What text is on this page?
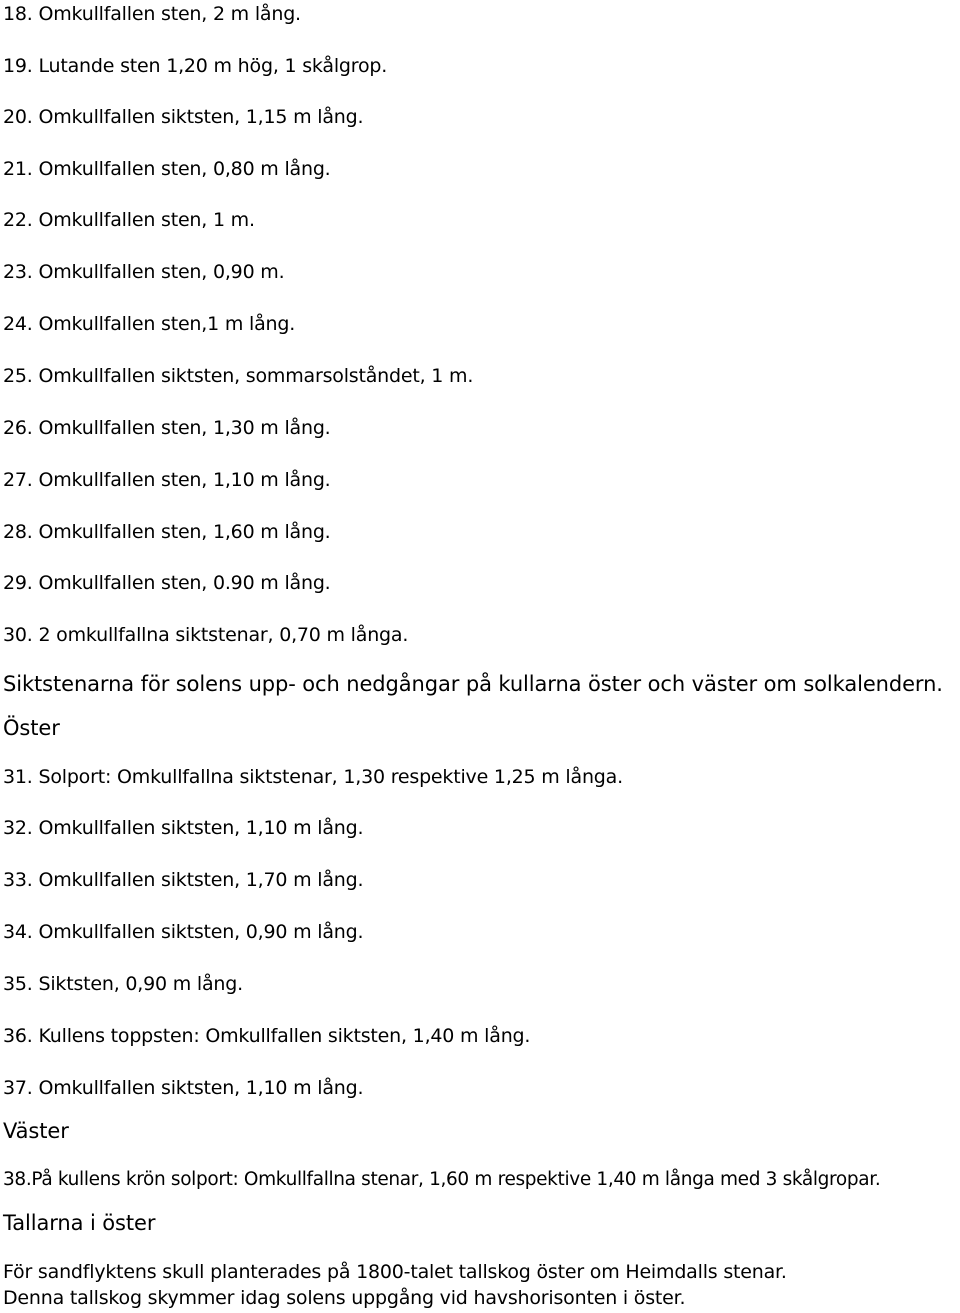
18. Omkullfallen sten, 2 m lång.
19. Lutande sten 1,20 m hög, 1 skålgrop.
20. Omkullfallen siktsten, 1,15 m lång.
21. Omkullfallen sten, 0,80 m lång.
22. Omkullfallen sten, 1 m.
23. Omkullfallen sten, 0,90 m.
24. Omkullfallen sten,1 m lång.
25. Omkullfallen siktsten, sommarsolståndet, 1 m.
26. Omkullfallen sten, 1,30 m lång.
27. Omkullfallen sten, 1,10 m lång.
28. Omkullfallen sten, 1,60 m lång.
29. Omkullfallen sten, 0.90 m lång.
30. 2 omkullfallna siktstenar, 0,70 m långa.
Siktstenarna för solens upp- och nedgångar på kullarna öster och väster om solkalendern.
Öster
31. Solport: Omkullfallna siktstenar, 1,30 respektive 1,25 m långa.
32. Omkullfallen siktsten, 1,10 m lång.
33. Omkullfallen siktsten, 1,70 m lång.
34. Omkullfallen siktsten, 0,90 m lång.
35. Siktsten, 0,90 m lång.
36. Kullens toppsten: Omkullfallen siktsten, 1,40 m lång.
37. Omkullfallen siktsten, 1,10 m lång.
Väster
38.På kullens krön solport: Omkullfallna stenar, 1,60 m respektive 1,40 m långa med 3 skålgropar.
Tallarna i öster
För sandflyktens skull planterades på 1800-talet tallskog öster om Heimdalls stenar.
Denna tallskog skymmer idag solens uppgång vid havshorisonten i öster.
